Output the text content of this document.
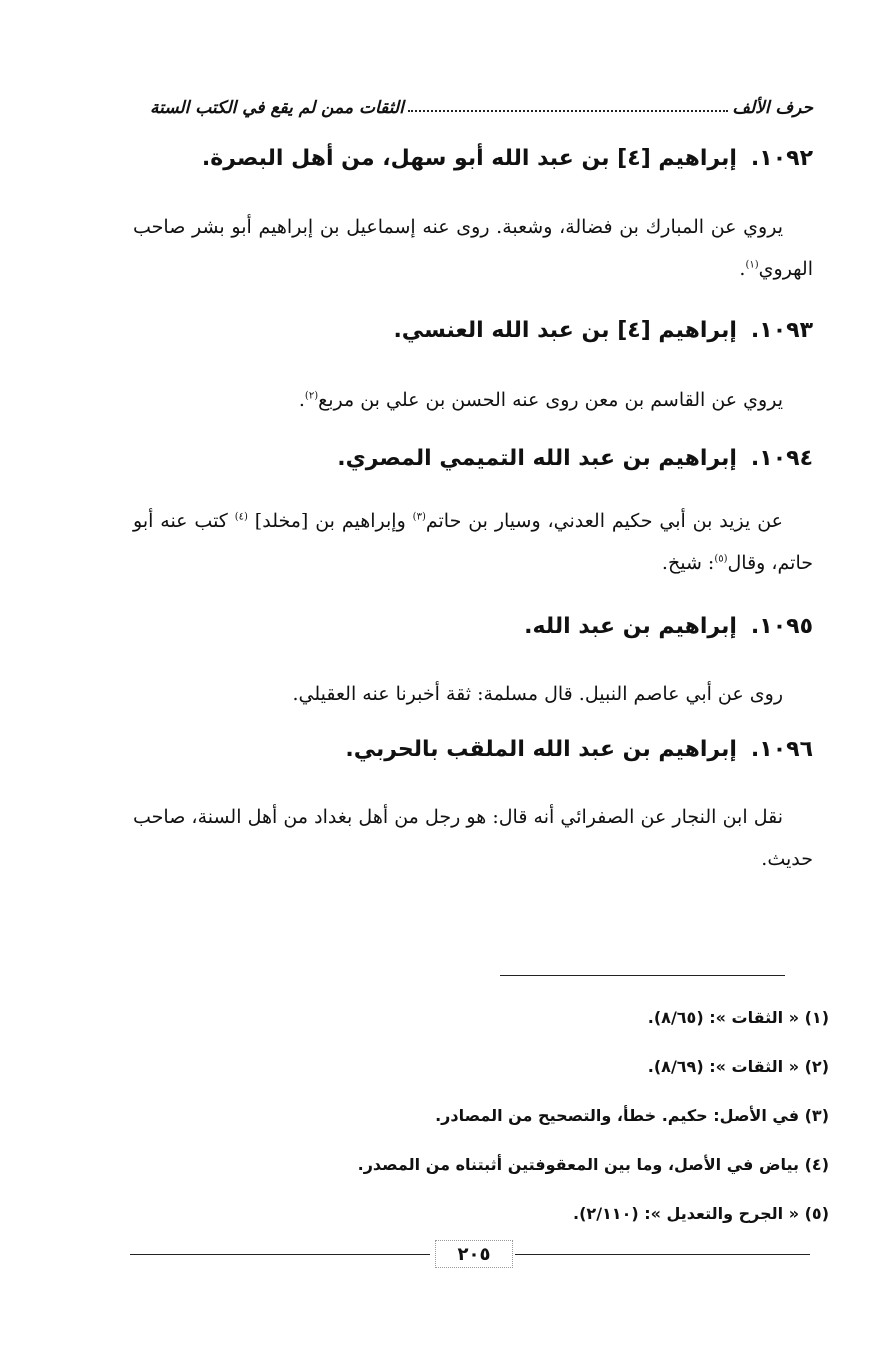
حرف الألف
الثقات ممن لم يقع في الكتب الستة
١٠٩٢.إبراهيم [٤] بن عبد الله أبو سهل، من أهل البصرة.

يروي عن المبارك بن فضالة، وشعبة. روى عنه إسماعيل بن إبراهيم أبو بشر صاحب الهروي$^{(١)}$.

١٠٩٣.إبراهيم [٤] بن عبد الله العنسي.

يروي عن القاسم بن معن روى عنه الحسن بن علي بن مربع$^{(٢)}$.

١٠٩٤.إبراهيم بن عبد الله التميمي المصري.

عن يزيد بن أبي حكيم العدني، وسيار بن حاتم$^{(٣)}$ وإبراهيم بن [مخلد] $^{(٤)}$ كتب عنه أبو حاتم، وقال$^{(٥)}$: شيخ.

١٠٩٥.إبراهيم بن عبد الله.

روى عن أبي عاصم النبيل. قال مسلمة: ثقة أخبرنا عنه العقيلي.

١٠٩٦.إبراهيم بن عبد الله الملقب بالحربي.

نقل ابن النجار عن الصفرائي أنه قال: هو رجل من أهل بغداد من أهل السنة، صاحب حديث.

(١) « الثقات »: (٨/٦٥).
(٢) « الثقات »: (٨/٦٩).
(٣) في الأصل: حكيم. خطأ، والتصحيح من المصادر.
(٤) بياض في الأصل، وما بين المعقوفتين أثبتناه من المصدر.
(٥) « الجرح والتعديل »: (٢/١١٠).
٢٠٥
